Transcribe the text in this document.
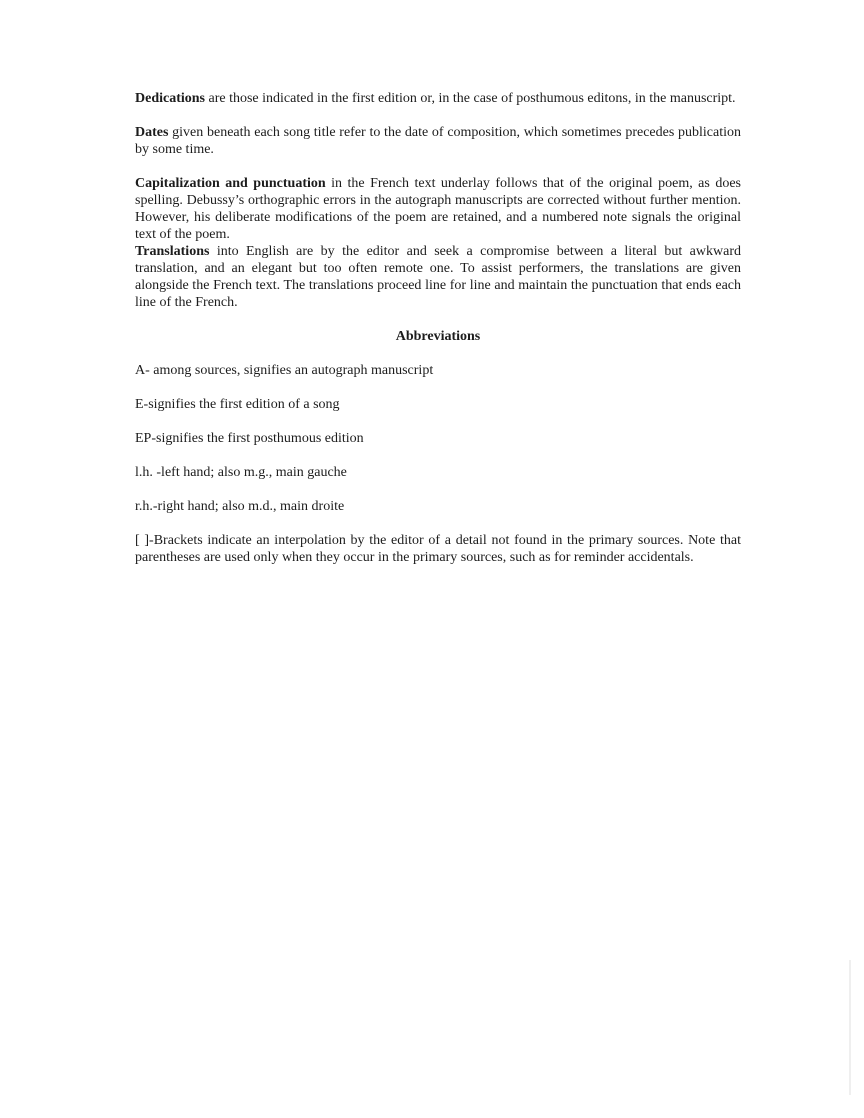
Dedications are those indicated in the first edition or, in the case of posthumous editons, in the manuscript.

Dates given beneath each song title refer to the date of composition, which sometimes precedes publication by some time.

Capitalization and punctuation in the French text underlay follows that of the original poem, as does spelling. Debussy’s orthographic errors in the autograph manuscripts are corrected without further mention. However, his deliberate modifications of the poem are retained, and a numbered note signals the original text of the poem.

Translations into English are by the editor and seek a compromise between a literal but awkward translation, and an elegant but too often remote one. To assist performers, the translations are given alongside the French text. The translations proceed line for line and maintain the punctuation that ends each line of the French.

Abbreviations

A- among sources, signifies an autograph manuscript

E-signifies the first edition of a song

EP-signifies the first posthumous edition

l.h. -left hand; also m.g., main gauche

r.h.-right hand; also m.d., main droite

[ ]-Brackets indicate an interpolation by the editor of a detail not found in the primary sources. Note that parentheses are used only when they occur in the primary sources, such as for reminder accidentals.
